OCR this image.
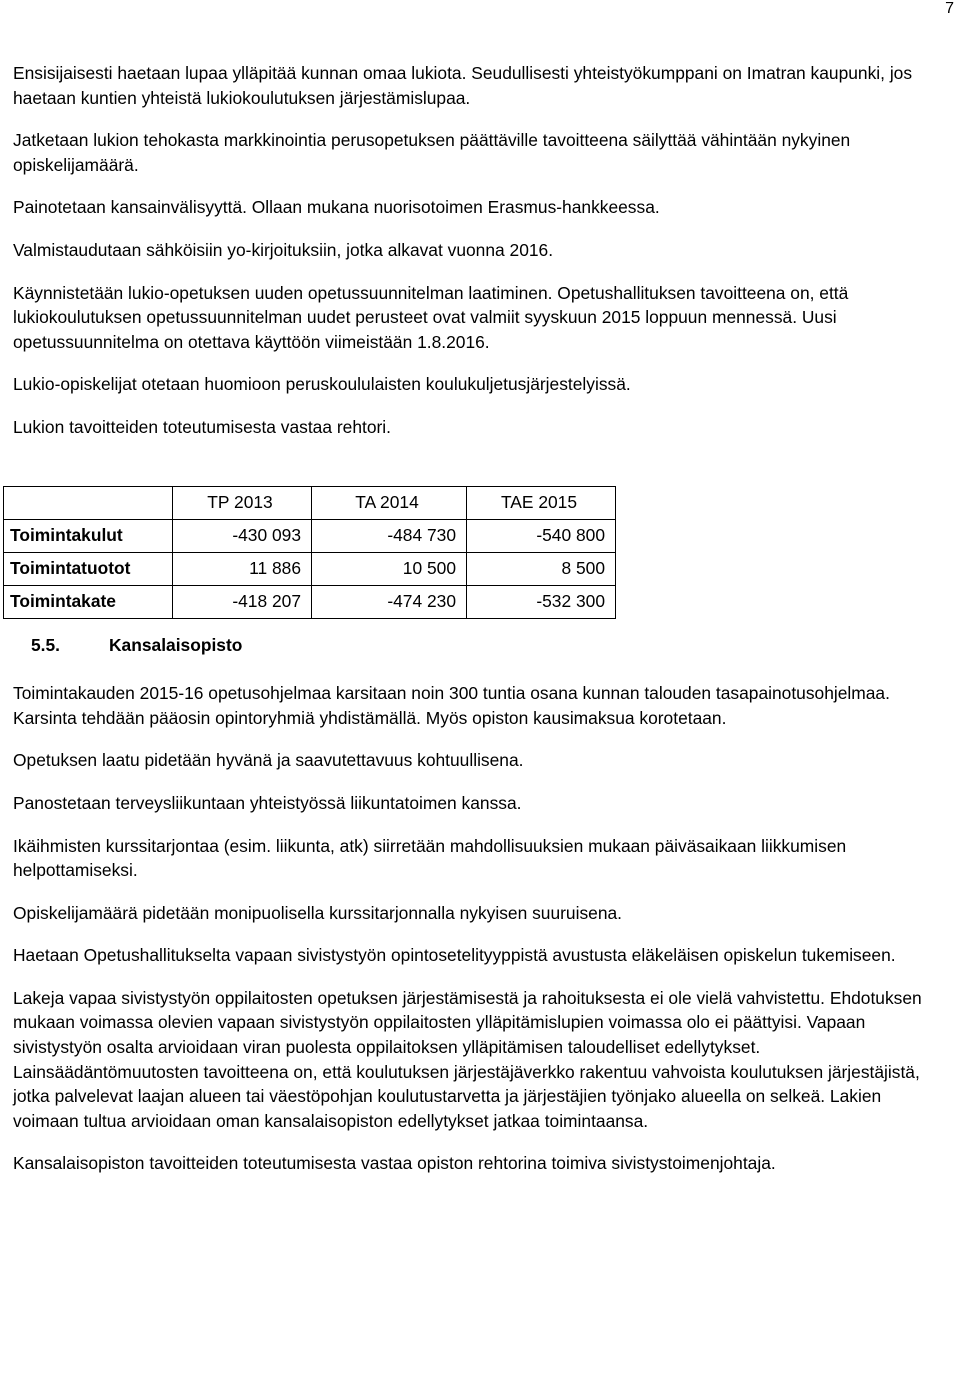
7

Ensisijaisesti haetaan lupaa ylläpitää kunnan omaa lukiota. Seudullisesti yhteistyökumppani on Imatran kaupunki, jos haetaan kuntien yhteistä lukiokoulutuksen järjestämislupaa.

Jatketaan lukion tehokasta markkinointia perusopetuksen päättäville tavoitteena säilyttää vähintään nykyinen opiskelijamäärä.

Painotetaan kansainvälisyyttä. Ollaan mukana nuorisotoimen Erasmus-hankkeessa.

Valmistaudutaan sähköisiin yo-kirjoituksiin, jotka alkavat vuonna 2016.

Käynnistetään lukio-opetuksen uuden opetussuunnitelman laatiminen. Opetushallituksen tavoitteena on, että lukiokoulutuksen opetussuunnitelman uudet perusteet ovat valmiit syyskuun 2015 loppuun mennessä. Uusi opetussuunnitelma on otettava käyttöön viimeistään 1.8.2016.

Lukio-opiskelijat otetaan huomioon peruskoululaisten koulukuljetusjärjestelyissä.

Lukion tavoitteiden toteutumisesta vastaa rehtori.

	TP 2013	TA 2014	TAE 2015
Toimintakulut	-430 093	-484 730	-540 800
Toimintatuotot	11 886	10 500	8 500
Toimintakate	-418 207	-474 230	-532 300
5.5.	Kansalaisopisto

Toimintakauden 2015-16 opetusohjelmaa karsitaan noin 300 tuntia osana kunnan talouden tasapainotusohjelmaa. Karsinta tehdään pääosin opintoryhmiä yhdistämällä. Myös opiston kausimaksua korotetaan.

Opetuksen laatu pidetään hyvänä ja saavutettavuus kohtuullisena.

Panostetaan terveysliikuntaan yhteistyössä liikuntatoimen kanssa.

Ikäihmisten kurssitarjontaa (esim. liikunta, atk) siirretään mahdollisuuksien mukaan päiväsaikaan liikkumisen helpottamiseksi.

Opiskelijamäärä pidetään monipuolisella kurssitarjonnalla nykyisen suuruisena.

Haetaan Opetushallitukselta vapaan sivistystyön opintosetelityyppistä avustusta eläkeläisen opiskelun tukemiseen.

Lakeja vapaa sivistystyön oppilaitosten opetuksen järjestämisestä ja rahoituksesta ei ole vielä vahvistettu. Ehdotuksen mukaan voimassa olevien vapaan sivistystyön oppilaitosten ylläpitämislupien voimassa olo ei päättyisi. Vapaan sivistystyön osalta arvioidaan viran puolesta oppilaitoksen ylläpitämisen taloudelliset edellytykset. Lainsäädäntömuutosten tavoitteena on, että koulutuksen järjestäjäverkko rakentuu vahvoista koulutuksen järjestäjistä, jotka palvelevat laajan alueen tai väestöpohjan koulutustarvetta ja järjestäjien työnjako alueella on selkeä. Lakien voimaan tultua arvioidaan oman kansalaisopiston edellytykset jatkaa toimintaansa.

Kansalaisopiston tavoitteiden toteutumisesta vastaa opiston rehtorina toimiva sivistystoimenjohtaja.
